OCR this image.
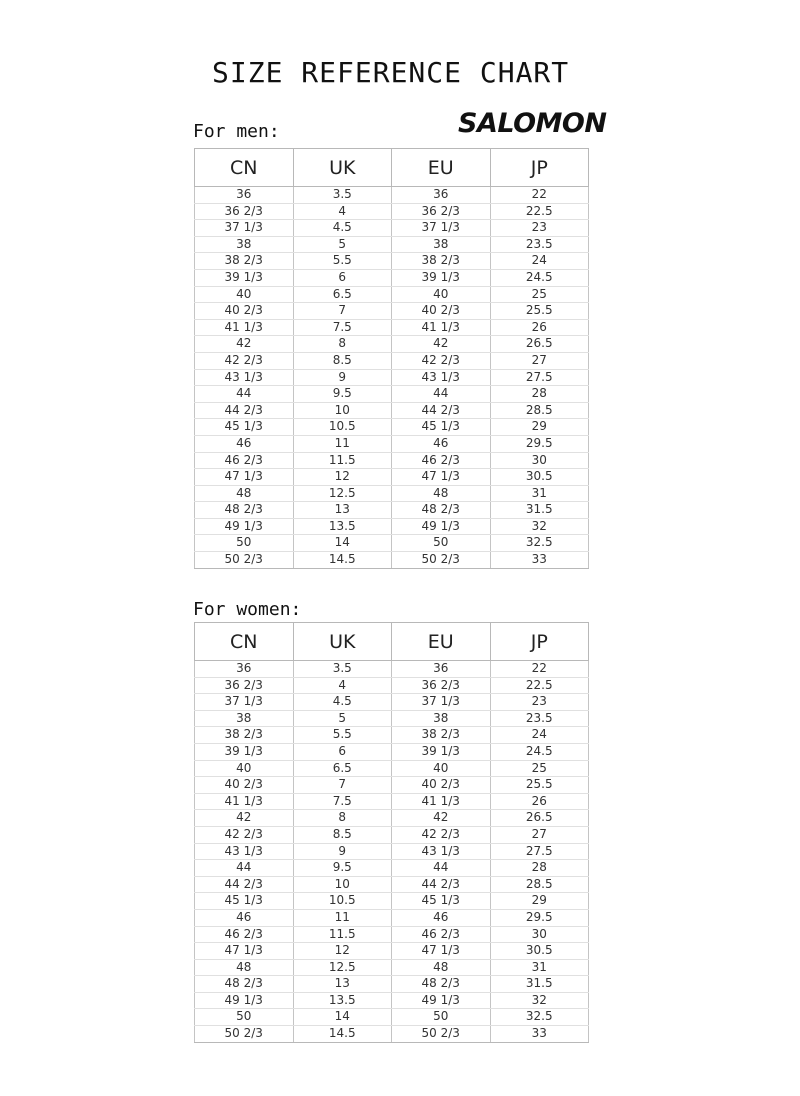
SIZE REFERENCE CHART
SALOMON
For men:
CN	UK	EU	JP
36	3.5	36	22
36 2/3	4	36 2/3	22.5
37 1/3	4.5	37 1/3	23
38	5	38	23.5
38 2/3	5.5	38 2/3	24
39 1/3	6	39 1/3	24.5
40	6.5	40	25
40 2/3	7	40 2/3	25.5
41 1/3	7.5	41 1/3	26
42	8	42	26.5
42 2/3	8.5	42 2/3	27
43 1/3	9	43 1/3	27.5
44	9.5	44	28
44 2/3	10	44 2/3	28.5
45 1/3	10.5	45 1/3	29
46	11	46	29.5
46 2/3	11.5	46 2/3	30
47 1/3	12	47 1/3	30.5
48	12.5	48	31
48 2/3	13	48 2/3	31.5
49 1/3	13.5	49 1/3	32
50	14	50	32.5
50 2/3	14.5	50 2/3	33
For women:
CN	UK	EU	JP
36	3.5	36	22
36 2/3	4	36 2/3	22.5
37 1/3	4.5	37 1/3	23
38	5	38	23.5
38 2/3	5.5	38 2/3	24
39 1/3	6	39 1/3	24.5
40	6.5	40	25
40 2/3	7	40 2/3	25.5
41 1/3	7.5	41 1/3	26
42	8	42	26.5
42 2/3	8.5	42 2/3	27
43 1/3	9	43 1/3	27.5
44	9.5	44	28
44 2/3	10	44 2/3	28.5
45 1/3	10.5	45 1/3	29
46	11	46	29.5
46 2/3	11.5	46 2/3	30
47 1/3	12	47 1/3	30.5
48	12.5	48	31
48 2/3	13	48 2/3	31.5
49 1/3	13.5	49 1/3	32
50	14	50	32.5
50 2/3	14.5	50 2/3	33
